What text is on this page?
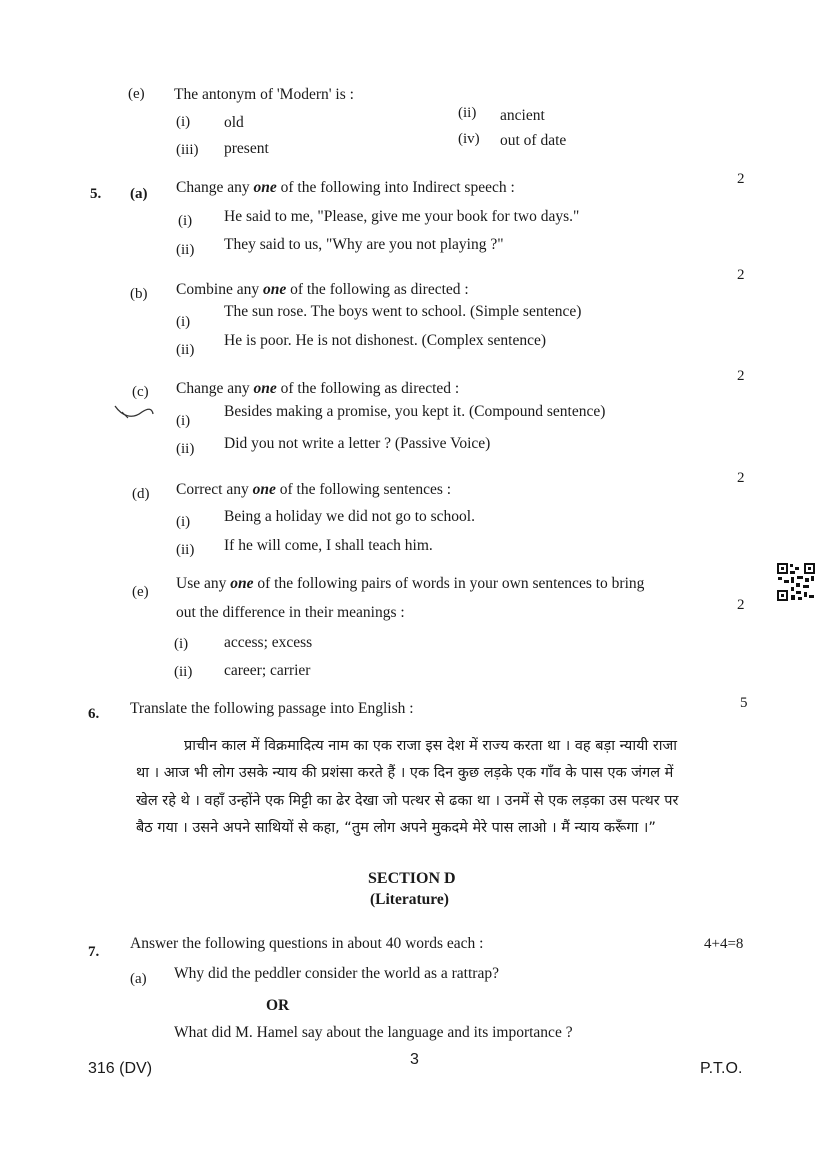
(e) The antonym of 'Modern' is :
(i) old
(ii) ancient
(iii) present
(iv) out of date
5. (a) Change any one of the following into Indirect speech :	2
(i) He said to me, "Please, give me your book for two days."
(ii) They said to us, "Why are you not playing ?"
(b) Combine any one of the following as directed :
2
(i)
The sun rose. The boys went to school. (Simple sentence)
(ii)
He is poor. He is not dishonest. (Complex sentence)
(c) Change any one of the following as directed :
2
(i)
Besides making a promise, you kept it. (Compound sentence)
(ii) Did you not write a letter ? (Passive Voice)
(d) Correct any one of the following sentences :
2
(i) Being a holiday we did not go to school.
(ii) If he will come, I shall teach him.
(e) Use any one of the following pairs of words in your own sentences to bring
out the difference in their meanings :	2
(i) access; excess
(ii) career; carrier
6. Translate the following passage into English :	5
प्राचीन काल में विक्रमादित्य नाम का एक राजा इस देश में राज्य करता था । वह बड़ा न्यायी राजा
था । आज भी लोग उसके न्याय की प्रशंसा करते हैं । एक दिन कुछ लड़के एक गाँव के पास एक जंगल में
खेल रहे थे । वहाँ उन्होंने एक मिट्टी का ढेर देखा जो पत्थर से ढका था । उनमें से एक लड़का उस पत्थर पर
बैठ गया । उसने अपने साथियों से कहा, “तुम लोग अपने मुकदमे मेरे पास लाओ । मैं न्याय करूँगा ।”
SECTION D
(Literature)
7. Answer the following questions in about 40 words each :	4+4=8
(a) Why did the peddler consider the world as a rattrap?
OR
What did M. Hamel say about the language and its importance ?
316 (DV)
3
P.T.O.
